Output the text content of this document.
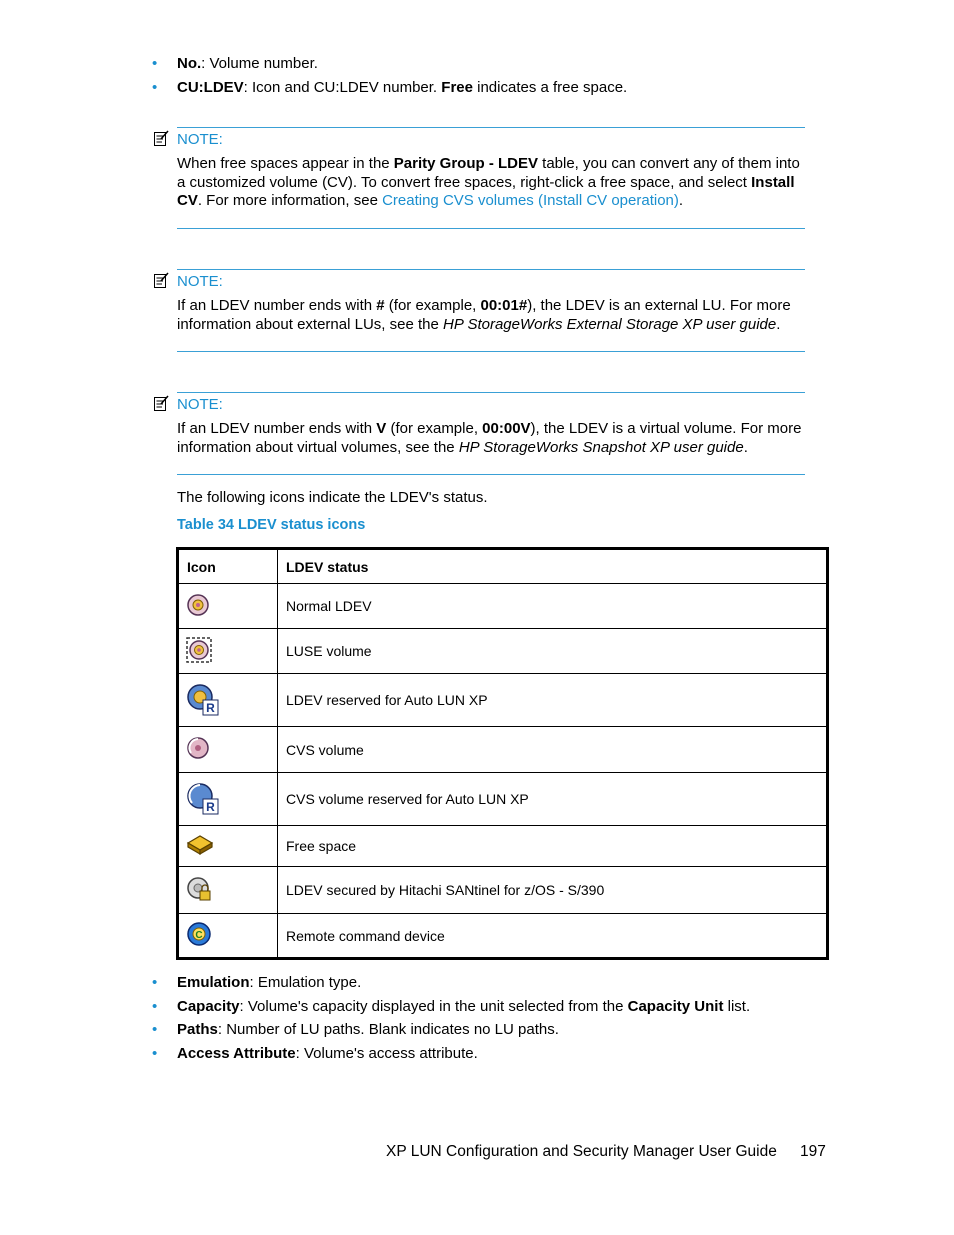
• No.: Volume number.
• CU:LDEV: Icon and CU:LDEV number. Free indicates a free space.
NOTE:
When free spaces appear in the Parity Group - LDEV table, you can convert any of them into a customized volume (CV). To convert free spaces, right-click a free space, and select Install CV. For more information, see Creating CVS volumes (Install CV operation).
NOTE:
If an LDEV number ends with # (for example, 00:01#), the LDEV is an external LU. For more information about external LUs, see the HP StorageWorks External Storage XP user guide.
NOTE:
If an LDEV number ends with V (for example, 00:00V), the LDEV is a virtual volume. For more information about virtual volumes, see the HP StorageWorks Snapshot XP user guide.
The following icons indicate the LDEV's status.
Table 34 LDEV status icons
Icon	LDEV status
	Normal LDEV
	LUSE volume

R	LDEV reserved for Auto LUN XP
	CVS volume

R	CVS volume reserved for Auto LUN XP
	Free space
	LDEV secured by Hitachi SANtinel for z/OS - S/390

C	Remote command device
• Emulation: Emulation type.
• Capacity: Volume's capacity displayed in the unit selected from the Capacity Unit list.
• Paths: Number of LU paths. Blank indicates no LU paths.
• Access Attribute: Volume's access attribute.
XP LUN Configuration and Security Manager User Guide 197
